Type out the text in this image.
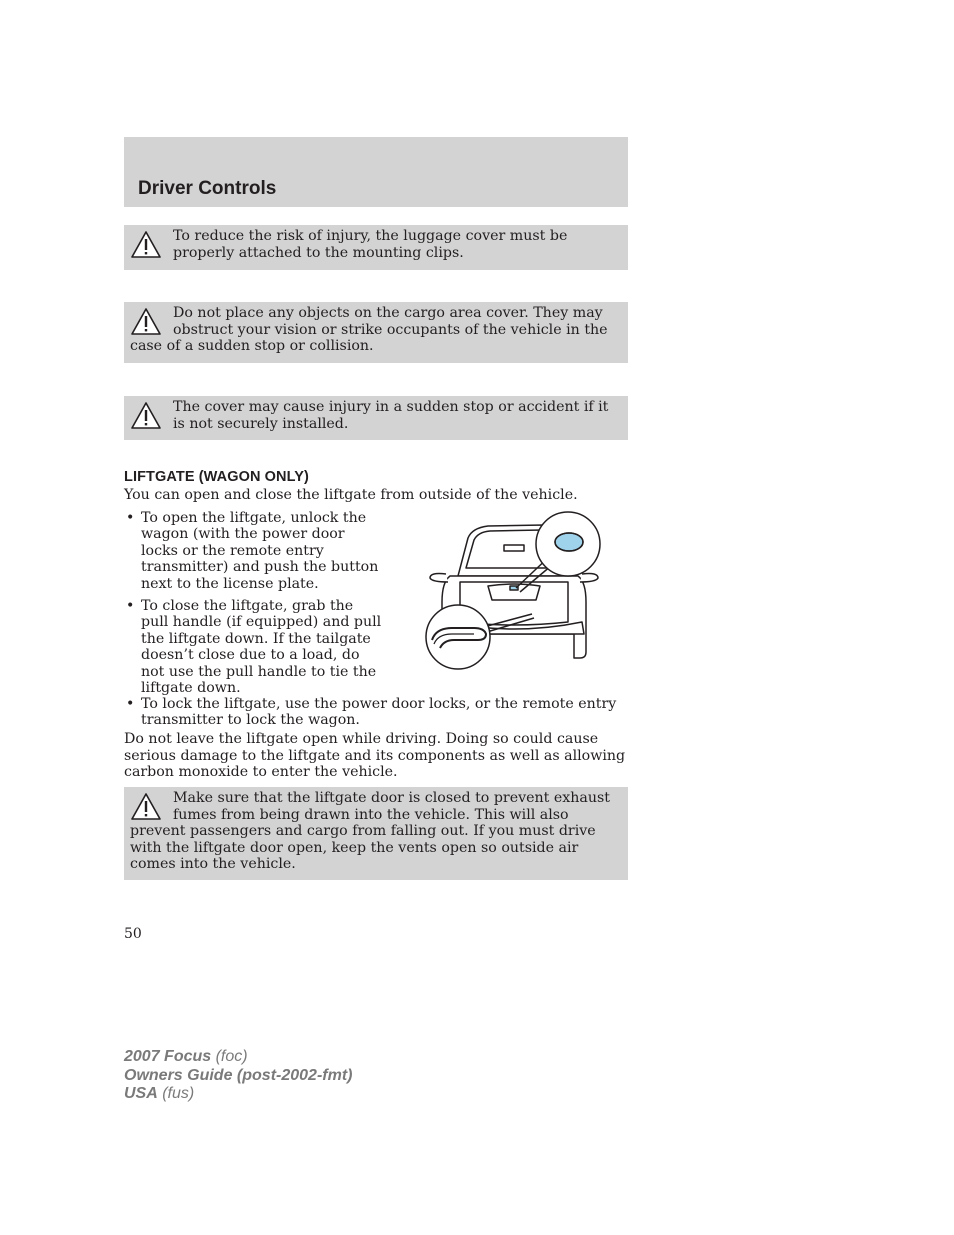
Driver Controls
To reduce the risk of injury, the luggage cover must be properly attached to the mounting clips.
Do not place any objects on the cargo area cover. They may obstruct your vision or strike occupants of the vehicle in the case of a sudden stop or collision.
The cover may cause injury in a sudden stop or accident if it is not securely installed.
LIFTGATE (WAGON ONLY)
You can open and close the liftgate from outside of the vehicle.
• To open the liftgate, unlock the wagon (with the power door locks or the remote entry transmitter) and push the button next to the license plate.
• To close the liftgate, grab the pull handle (if equipped) and pull the liftgate down. If the tailgate doesn’t close due to a load, do not use the pull handle to tie the liftgate down.
• To lock the liftgate, use the power door locks, or the remote entry transmitter to lock the wagon.
Do not leave the liftgate open while driving. Doing so could cause serious damage to the liftgate and its components as well as allowing carbon monoxide to enter the vehicle.
Make sure that the liftgate door is closed to prevent exhaust fumes from being drawn into the vehicle. This will also prevent passengers and cargo from falling out. If you must drive with the liftgate door open, keep the vents open so outside air comes into the vehicle.
50
2007 Focus (foc)
Owners Guide (post-2002-fmt)
USA (fus)
